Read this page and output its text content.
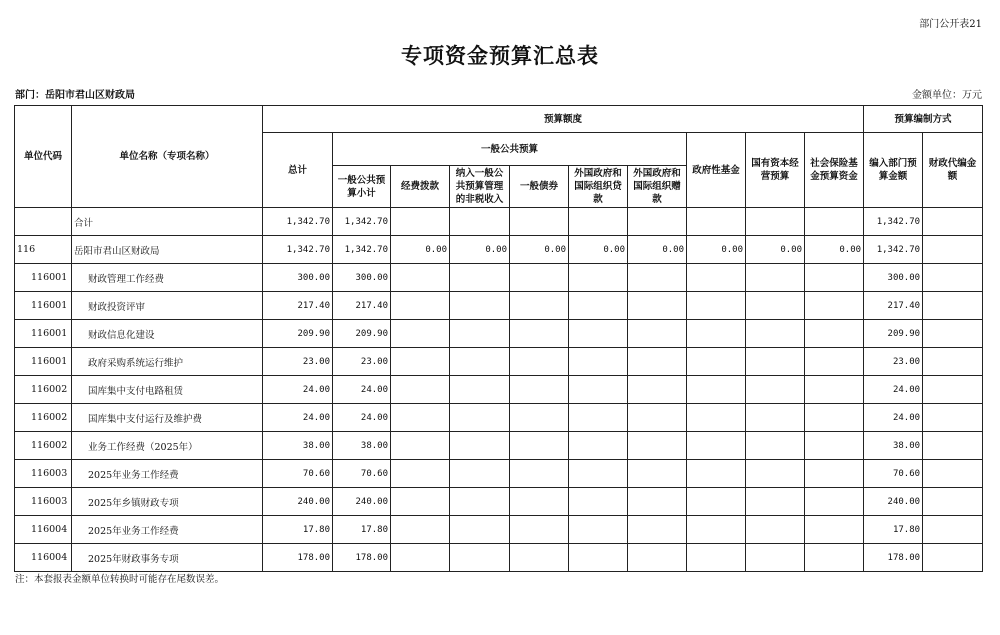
部门公开表21
专项资金预算汇总表
部门：岳阳市君山区财政局	金额单位：万元
单位代码	单位名称（专项名称）	预算额度										预算编制方式	
		总计	一般公共预算						政府性基金	国有资本经营预算	社会保险基金预算资金	编入部门预算金额	财政代编金额
			一般公共预算小计	经费拨款	纳入一般公共预算管理的非税收入	一般债券	外国政府和国际组织贷款	外国政府和国际组织赠款					
	合计	1,342.70	1,342.70									1,342.70	
116	岳阳市君山区财政局	1,342.70	1,342.70	0.00	0.00	0.00	0.00	0.00	0.00	0.00	0.00	1,342.70	
116001	财政管理工作经费	300.00	300.00									300.00	
116001	财政投资评审	217.40	217.40									217.40	
116001	财政信息化建设	209.90	209.90									209.90	
116001	政府采购系统运行维护	23.00	23.00									23.00	
116002	国库集中支付电路租赁	24.00	24.00									24.00	
116002	国库集中支付运行及维护费	24.00	24.00									24.00	
116002	业务工作经费（2025年）	38.00	38.00									38.00	
116003	2025年业务工作经费	70.60	70.60									70.60	
116003	2025年乡镇财政专项	240.00	240.00									240.00	
116004	2025年业务工作经费	17.80	17.80									17.80	
116004	2025年财政事务专项	178.00	178.00									178.00	
注：本套报表金额单位转换时可能存在尾数误差。
